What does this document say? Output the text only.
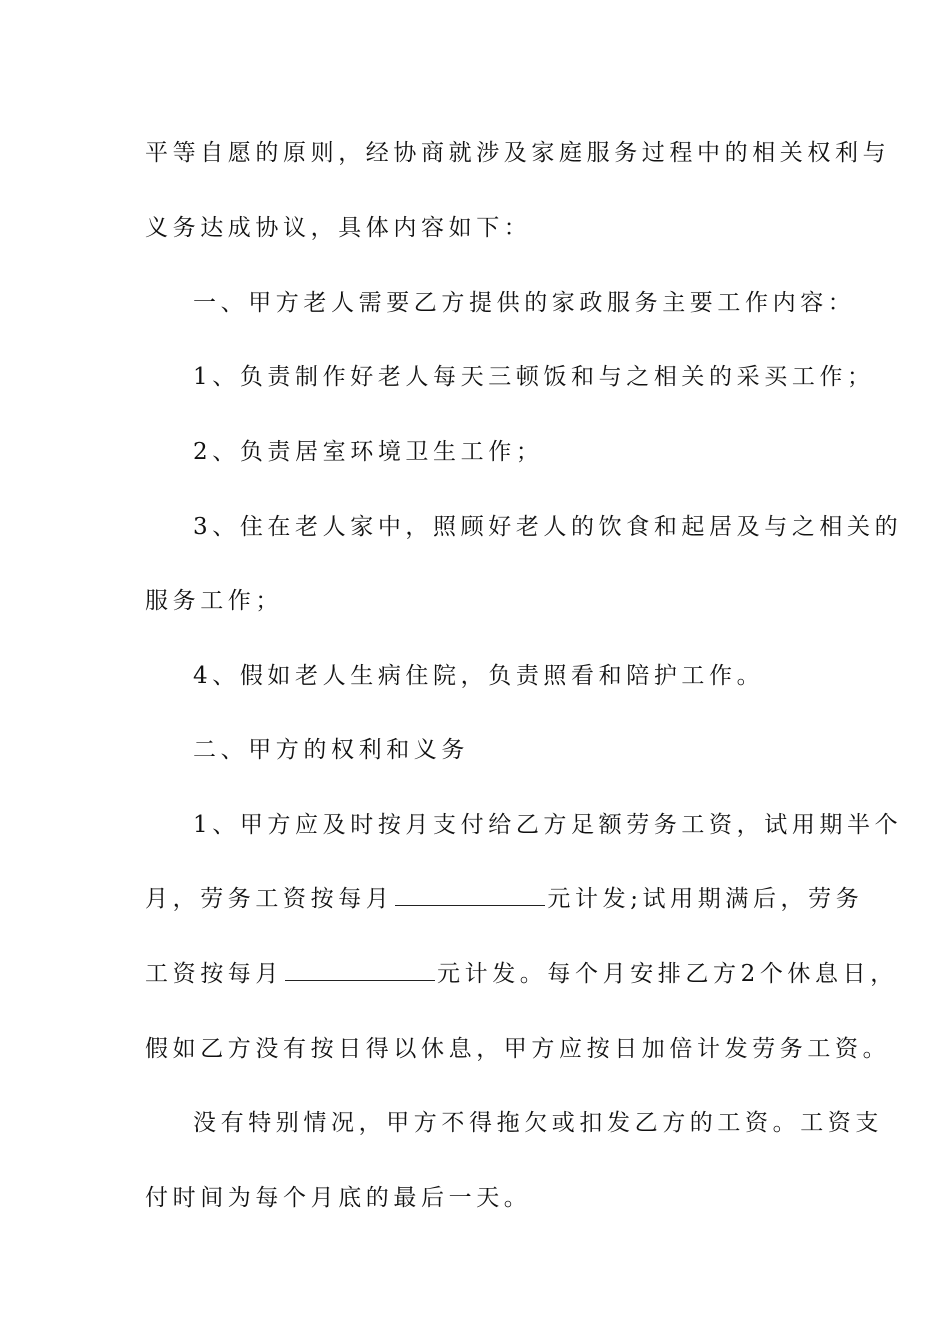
平等自愿的原则，经协商就涉及家庭服务过程中的相关权利与
义务达成协议，具体内容如下：
一、甲方老人需要乙方提供的家政服务主要工作内容：
1、负责制作好老人每天三顿饭和与之相关的采买工作；
2、负责居室环境卫生工作；
3、住在老人家中，照顾好老人的饮食和起居及与之相关的
服务工作；
4、假如老人生病住院，负责照看和陪护工作。
二、甲方的权利和义务
1、甲方应及时按月支付给乙方足额劳务工资，试用期半个
月，劳务工资按每月	元计发;试用期满后，劳务
工资按每月	元计发。每个月安排乙方2个休息日，
假如乙方没有按日得以休息，甲方应按日加倍计发劳务工资。
没有特别情况，甲方不得拖欠或扣发乙方的工资。工资支
付时间为每个月底的最后一天。
